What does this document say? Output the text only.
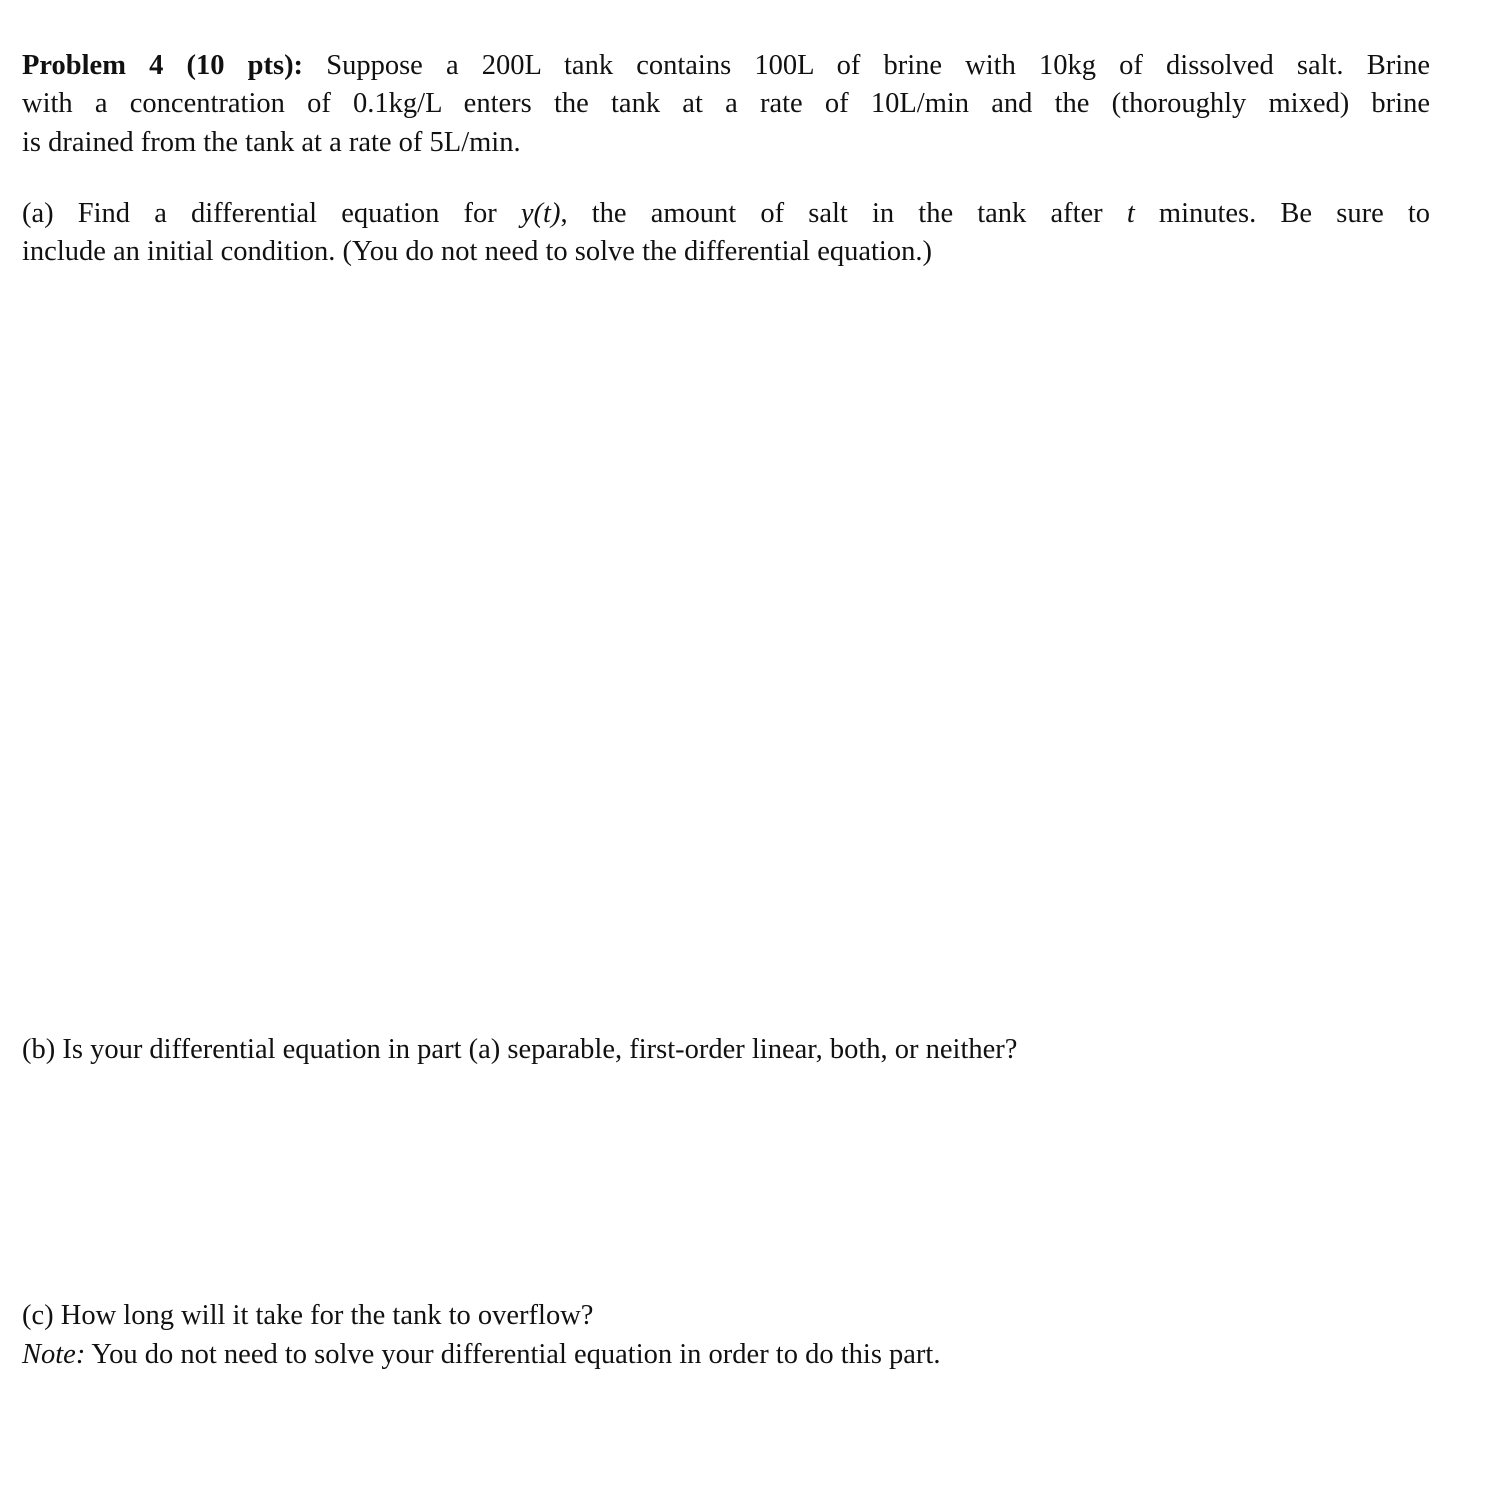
Problem 4 (10 pts): Suppose a 200L tank contains 100L of brine with 10kg of dissolved salt. Brine
with a concentration of 0.1kg/L enters the tank at a rate of 10L/min and the (thoroughly mixed) brine
is drained from the tank at a rate of 5L/min.
(a) Find a differential equation for y(t), the amount of salt in the tank after t minutes. Be sure to
include an initial condition. (You do not need to solve the differential equation.)
(b) Is your differential equation in part (a) separable, first-order linear, both, or neither?
(c) How long will it take for the tank to overflow?
Note: You do not need to solve your differential equation in order to do this part.
